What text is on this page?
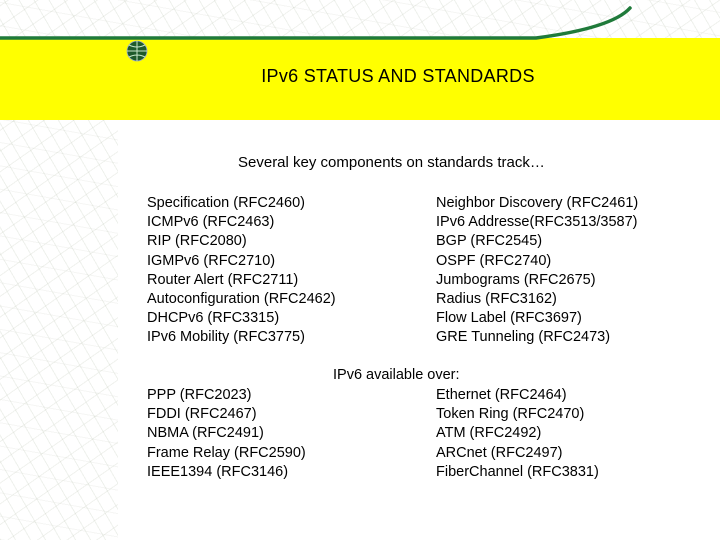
IPv6 STATUS AND STANDARDS
Several key components on standards track…
Specification (RFC2460)
ICMPv6 (RFC2463)
RIP (RFC2080)
IGMPv6 (RFC2710)
Router Alert (RFC2711)
Autoconfiguration (RFC2462)
DHCPv6 (RFC3315)
IPv6 Mobility (RFC3775)
Neighbor Discovery (RFC2461)
IPv6 Addresse(RFC3513/3587)
BGP (RFC2545)
OSPF (RFC2740)
Jumbograms (RFC2675)
Radius (RFC3162)
Flow Label (RFC3697)
GRE Tunneling (RFC2473)
IPv6 available over:
PPP (RFC2023)
FDDI (RFC2467)
NBMA (RFC2491)
Frame Relay (RFC2590)
IEEE1394 (RFC3146)
Ethernet (RFC2464)
Token Ring (RFC2470)
ATM (RFC2492)
ARCnet (RFC2497)
FiberChannel (RFC3831)
